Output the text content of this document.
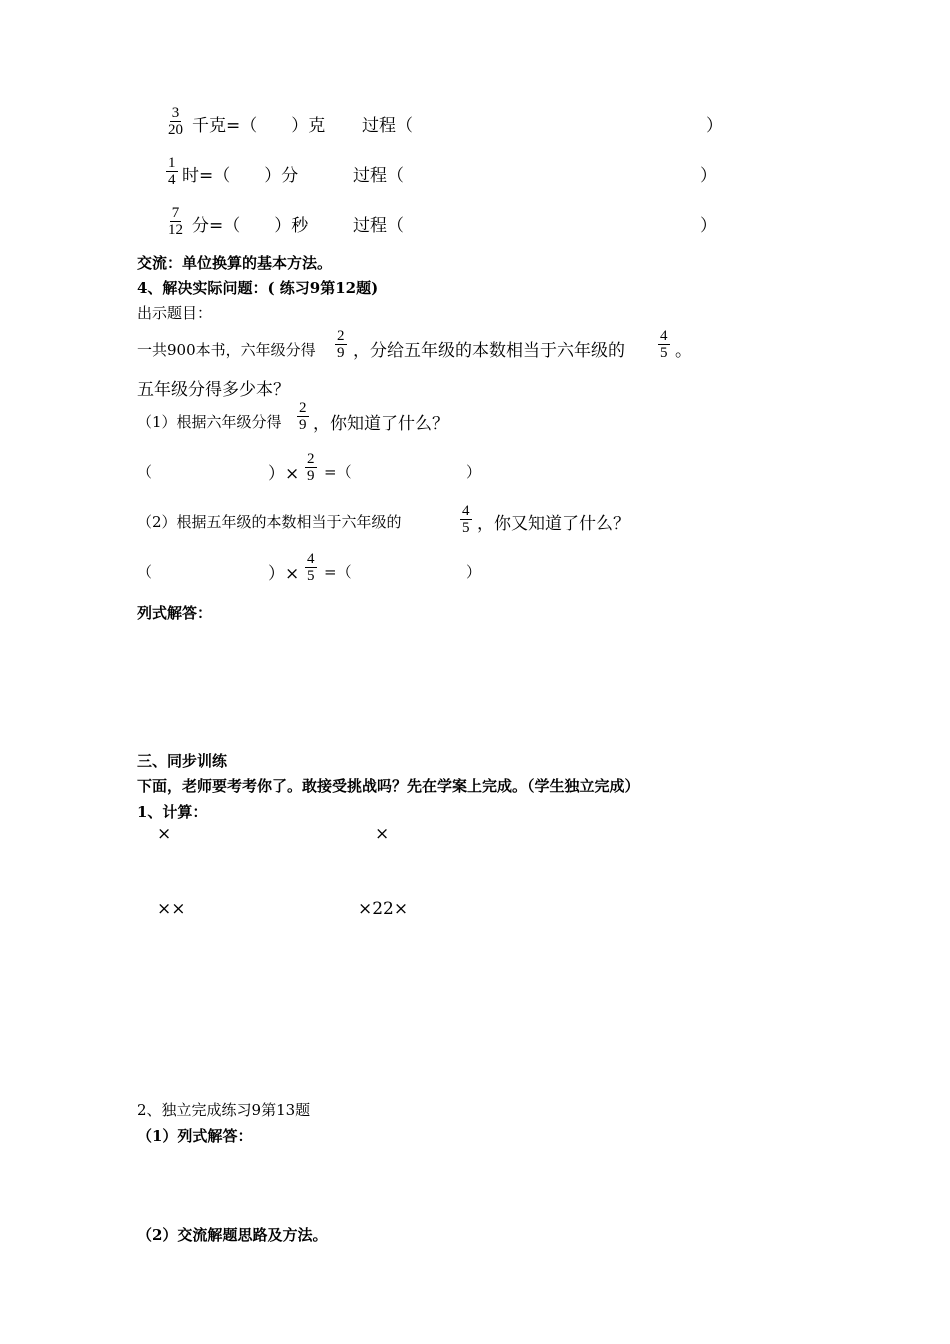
$\frac{3}{20}$ 千克=（　　）克 过程（	）
$\frac{1}{4}$ 时=（　　）分	过程（	）
$\frac{7}{12}$ 分=（　　）秒	过程（	）
交流：单位换算的基本方法。
4、解决实际问题：( 练习9第12题)
出示题目：
一共900本书，六年级分得 $\frac{2}{9}$ ，分给五年级的本数相当于六年级的 $\frac{4}{5}$ 。
五年级分得多少本？
（1）根据六年级分得 $\frac{2}{9}$ ，你知道了什么？
（	）× $\frac{2}{9}$ =（	）
（2）根据五年级的本数相当于六年级的	$\frac{4}{5}$ ，你又知道了什么？
（	）× $\frac{4}{5}$ =（	）
列式解答：
三、同步训练
下面，老师要考考你了。敢接受挑战吗？先在学案上完成。（学生独立完成）
1、计算：
×	×
××	×22×
2、独立完成练习9第13题
（1）列式解答：
（2）交流解题思路及方法。
